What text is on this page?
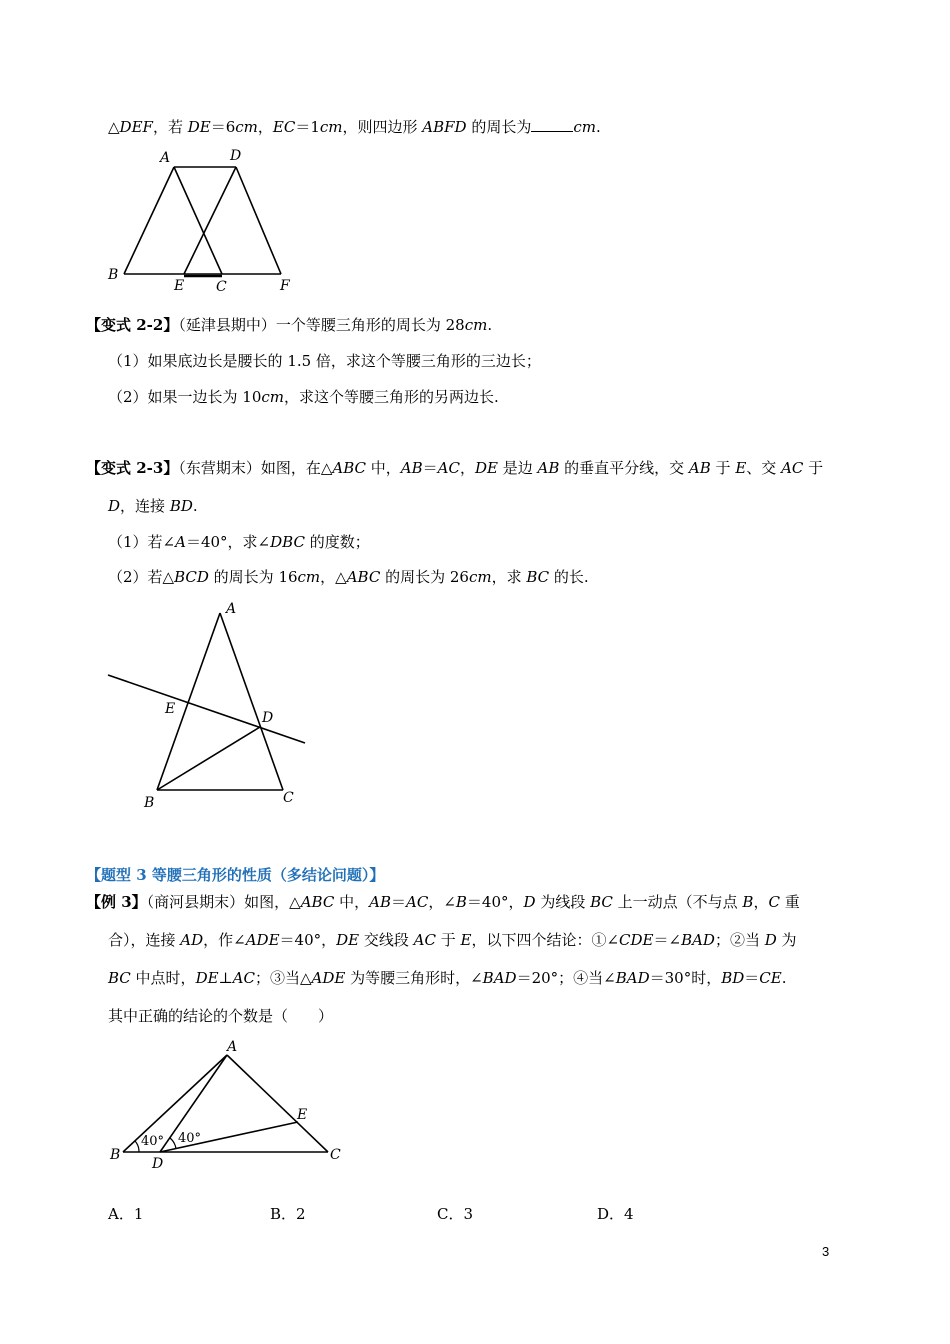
△DEF，若 DE＝6cm，EC＝1cm，则四边形 ABFD 的周长为	cm.
A	D
B
E C	F
【变式 2-2】（延津县期中）一个等腰三角形的周长为 28cm.
（1）如果底边长是腰长的 1.5 倍，求这个等腰三角形的三边长；
（2）如果一边长为 10cm，求这个等腰三角形的另两边长.
【变式 2-3】（东营期末）如图，在△ABC 中，AB＝AC，DE 是边 AB 的垂直平分线，交 AB 于 E、交 AC 于
D，连接 BD.
（1）若∠A＝40°，求∠DBC 的度数；
（2）若△BCD 的周长为 16cm，△ABC 的周长为 26cm，求 BC 的长.
A
E
D
B	C
【题型 3 等腰三角形的性质（多结论问题）】
【例 3】（商河县期末）如图，△ABC 中，AB＝AC，∠B＝40°，D 为线段 BC 上一动点（不与点 B，C 重
合），连接 AD，作∠ADE＝40°，DE 交线段 AC 于 E，以下四个结论：①∠CDE＝∠BAD；②当 D 为
BC 中点时，DE⊥AC；③当△ADE 为等腰三角形时，∠BAD＝20°；④当∠BAD＝30°时，BD＝CE.
其中正确的结论的个数是（　　）
A
E
B
D
C
40° 40°
A．1	B．2	C．3	D．4
3
